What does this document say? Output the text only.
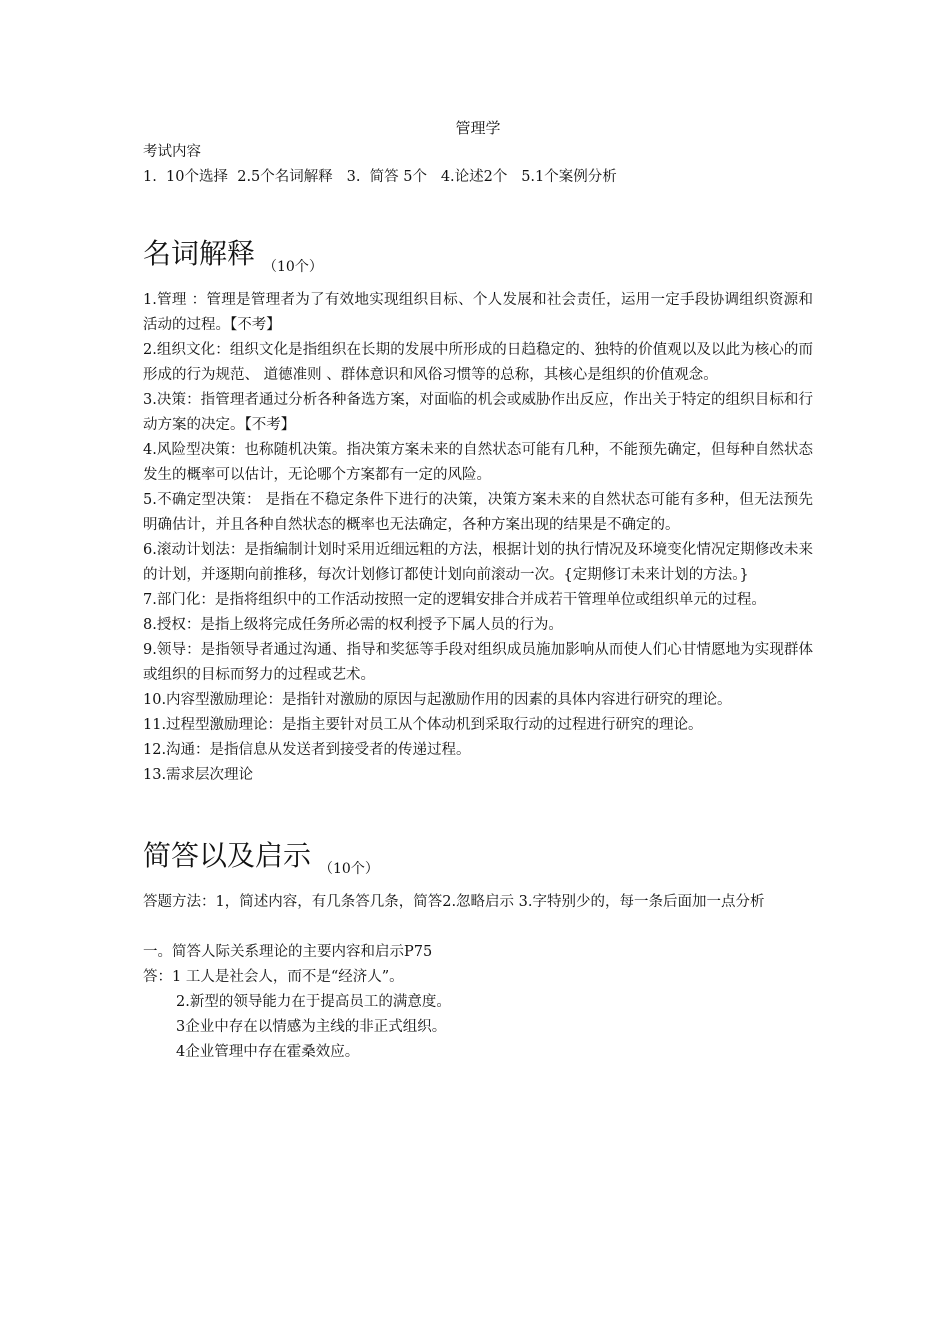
管理学

考试内容

1.  10个选择  2.5个名词解释   3.  简答 5个   4.论述2个   5.1个案例分析

名词解释 （10个）

1.管理 ：管理是管理者为了有效地实现组织目标、个人发展和社会责任，运用一定手段协调组织资源和活动的过程。【不考】

2.组织文化：组织文化是指组织在长期的发展中所形成的日趋稳定的、独特的价值观以及以此为核心的而形成的行为规范、 道德准则 、群体意识和风俗习惯等的总称，其核心是组织的价值观念。

3.决策：指管理者通过分析各种备选方案，对面临的机会或威胁作出反应，作出关于特定的组织目标和行动方案的决定。【不考】

4.风险型决策：也称随机决策。指决策方案未来的自然状态可能有几种，不能预先确定，但每种自然状态发生的概率可以估计，无论哪个方案都有一定的风险。

5.不确定型决策： 是指在不稳定条件下进行的决策，决策方案未来的自然状态可能有多种，但无法预先明确估计，并且各种自然状态的概率也无法确定，各种方案出现的结果是不确定的。

6.滚动计划法：是指编制计划时采用近细远粗的方法，根据计划的执行情况及环境变化情况定期修改未来的计划，并逐期向前推移，每次计划修订都使计划向前滚动一次。{定期修订未来计划的方法。}

7.部门化：是指将组织中的工作活动按照一定的逻辑安排合并成若干管理单位或组织单元的过程。

8.授权：是指上级将完成任务所必需的权利授予下属人员的行为。

9.领导：是指领导者通过沟通、指导和奖惩等手段对组织成员施加影响从而使人们心甘情愿地为实现群体或组织的目标而努力的过程或艺术。

10.内容型激励理论：是指针对激励的原因与起激励作用的因素的具体内容进行研究的理论。

11.过程型激励理论：是指主要针对员工从个体动机到采取行动的过程进行研究的理论。

12.沟通：是指信息从发送者到接受者的传递过程。

13.需求层次理论

简答以及启示 （10个）

答题方法：1，简述内容，有几条答几条，简答2.忽略启示 3.字特别少的，每一条后面加一点分析

一。简答人际关系理论的主要内容和启示P75

答：1 工人是社会人，而不是“经济人”。

2.新型的领导能力在于提高员工的满意度。

3企业中存在以情感为主线的非正式组织。

4企业管理中存在霍桑效应。
